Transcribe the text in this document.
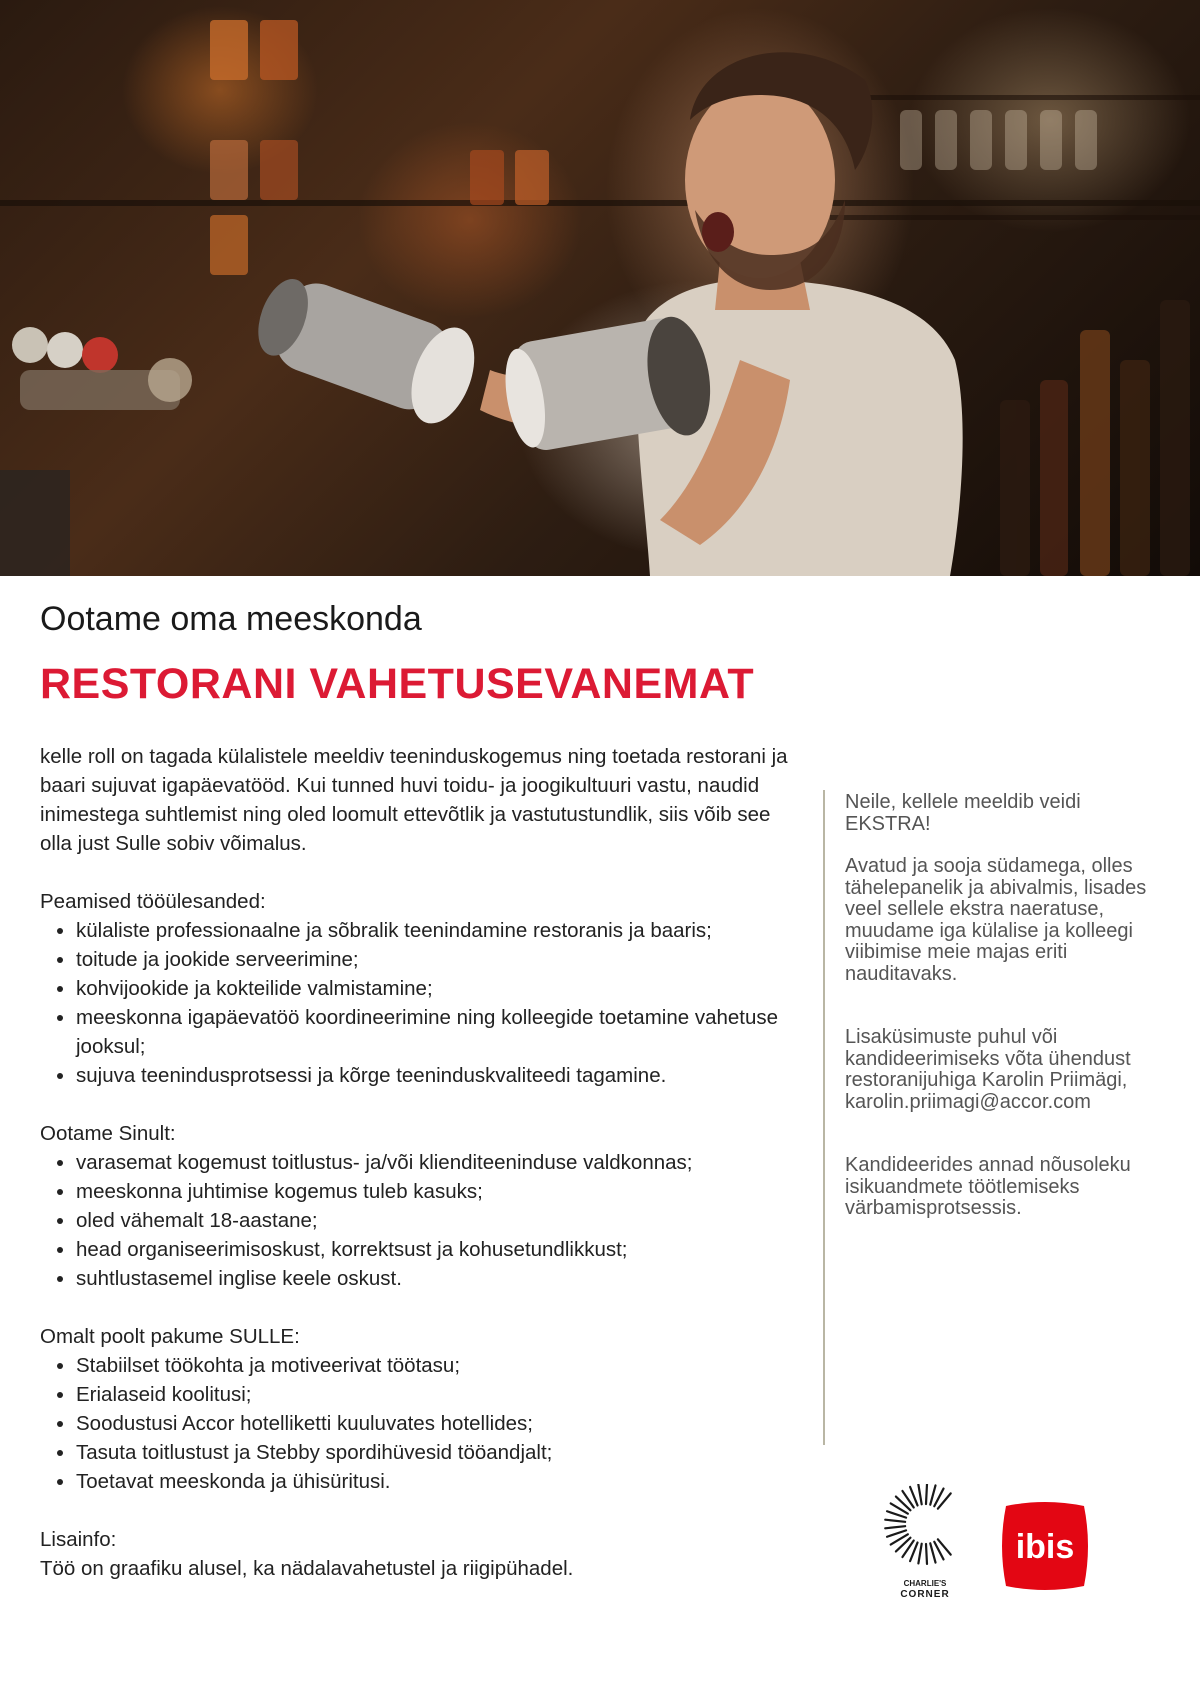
Ootame oma meeskonda
RESTORANI VAHETUSEVANEMAT

kelle roll on tagada külalistele meeldiv teeninduskogemus ning toetada restorani ja baari sujuvat igapäevatööd. Kui tunned huvi toidu- ja joogikultuuri vastu, naudid inimestega suhtlemist ning oled loomult ettevõtlik ja vastutustundlik, siis võib see olla just Sulle sobiv võimalus.

Peamised tööülesanded:

• külaliste professionaalne ja sõbralik teenindamine restoranis ja baaris;
• toitude ja jookide serveerimine;
• kohvijookide ja kokteilide valmistamine;
• meeskonna igapäevatöö koordineerimine ning kolleegide toetamine vahetuse jooksul;
• sujuva teenindusprotsessi ja kõrge teeninduskvaliteedi tagamine.

Ootame Sinult:

• varasemat kogemust toitlustus- ja/või klienditeeninduse valdkonnas;
• meeskonna juhtimise kogemus tuleb kasuks;
• oled vähemalt 18-aastane;
• head organiseerimisoskust, korrektsust ja kohusetundlikkust;
• suhtlustasemel inglise keele oskust.

Omalt poolt pakume SULLE:

• Stabiilset töökohta ja motiveerivat töötasu;
• Erialaseid koolitusi;
• Soodustusi Accor hotelliketti kuuluvates hotellides;
• Tasuta toitlustust ja Stebby spordihüvesid tööandjalt;
• Toetavat meeskonda ja ühisüritusi.

Lisainfo:

Töö on graafiku alusel, ka nädalavahetustel ja riigipühadel.

Neile, kellele meeldib veidi EKSTRA!

Avatud ja sooja südamega, olles tähelepanelik ja abivalmis, lisades veel sellele ekstra naeratuse, muudame iga külalise ja kolleegi viibimise meie majas eriti nauditavaks.

Lisaküsimuste puhul või kandideerimiseks võta ühendust restoranijuhiga Karolin Priimägi, karolin.priimagi@accor.com

Kandideerides annad nõusoleku isikuandmete töötlemiseks värbamisprotsessis.

CHARLIE'S
CORNER
ibis
